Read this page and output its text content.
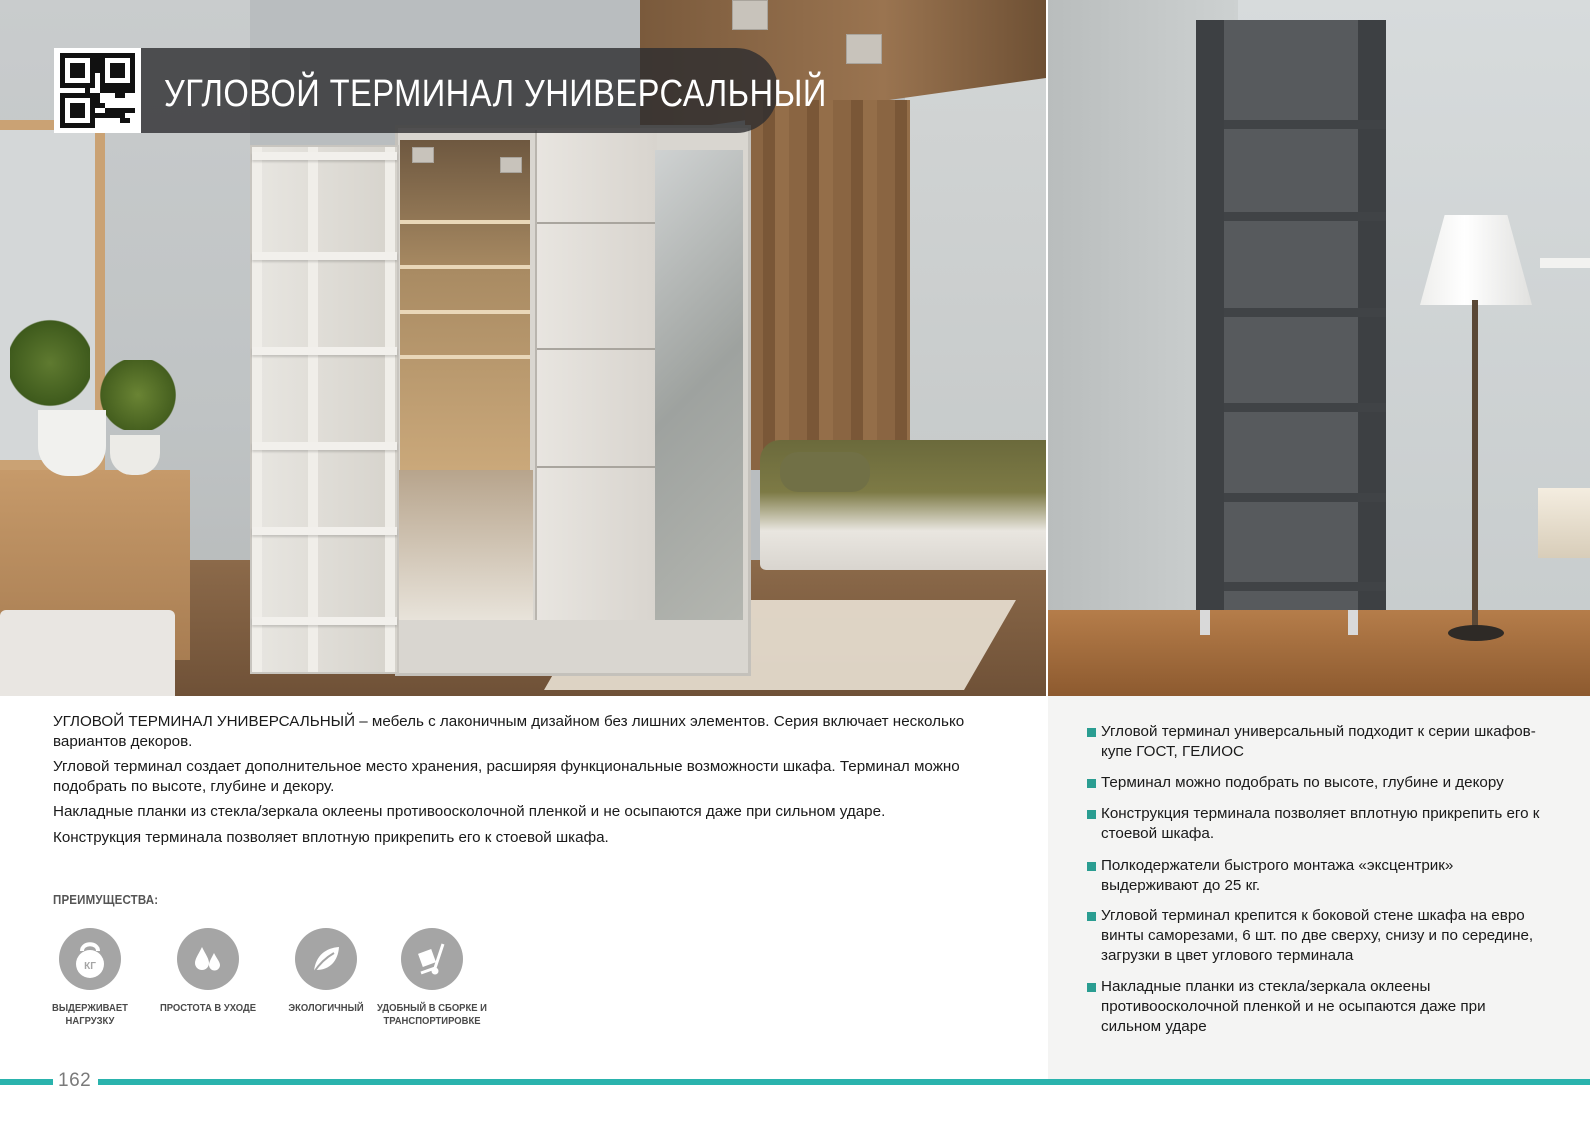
УГЛОВОЙ ТЕРМИНАЛ УНИВЕРСАЛЬНЫЙ

УГЛОВОЙ ТЕРМИНАЛ УНИВЕРСАЛЬНЫЙ – мебель с лаконичным дизайном без лишних элементов. Серия включает несколько вариантов декоров.

Угловой терминал создает дополнительное место хранения, расширяя функциональные возможности шкафа. Терминал можно подобрать по высоте, глубине и декору.

Накладные планки из стекла/зеркала оклеены противоосколочной пленкой и не осыпаются даже при сильном ударе.

Конструкция терминала позволяет вплотную прикрепить его к стоевой шкафа.

ПРЕИМУЩЕСТВА:
КГ
ВЫДЕРЖИВАЕТ НАГРУЗКУ
ПРОСТОТА В УХОДЕ	ЭКОЛОГИЧНЫЙ	УДОБНЫЙ В СБОРКЕ И ТРАНСПОРТИРОВКЕ
Угловой терминал универсальный подходит к серии шкафов-купе ГОСТ, ГЕЛИОС
Терминал можно подобрать по высоте, глубине и декору
Конструкция терминала позволяет вплотную прикрепить его к стоевой шкафа.
Полкодержатели быстрого монтажа «эксцентрик» выдерживают до 25 кг.
Угловой терминал крепится к боковой стене шкафа на евро винты саморезами, 6 шт. по две сверху, снизу и по середине, загрузки в цвет углового терминала
Накладные планки из стекла/зеркала оклеены противоосколочной пленкой и не осыпаются даже при сильном ударе
162
